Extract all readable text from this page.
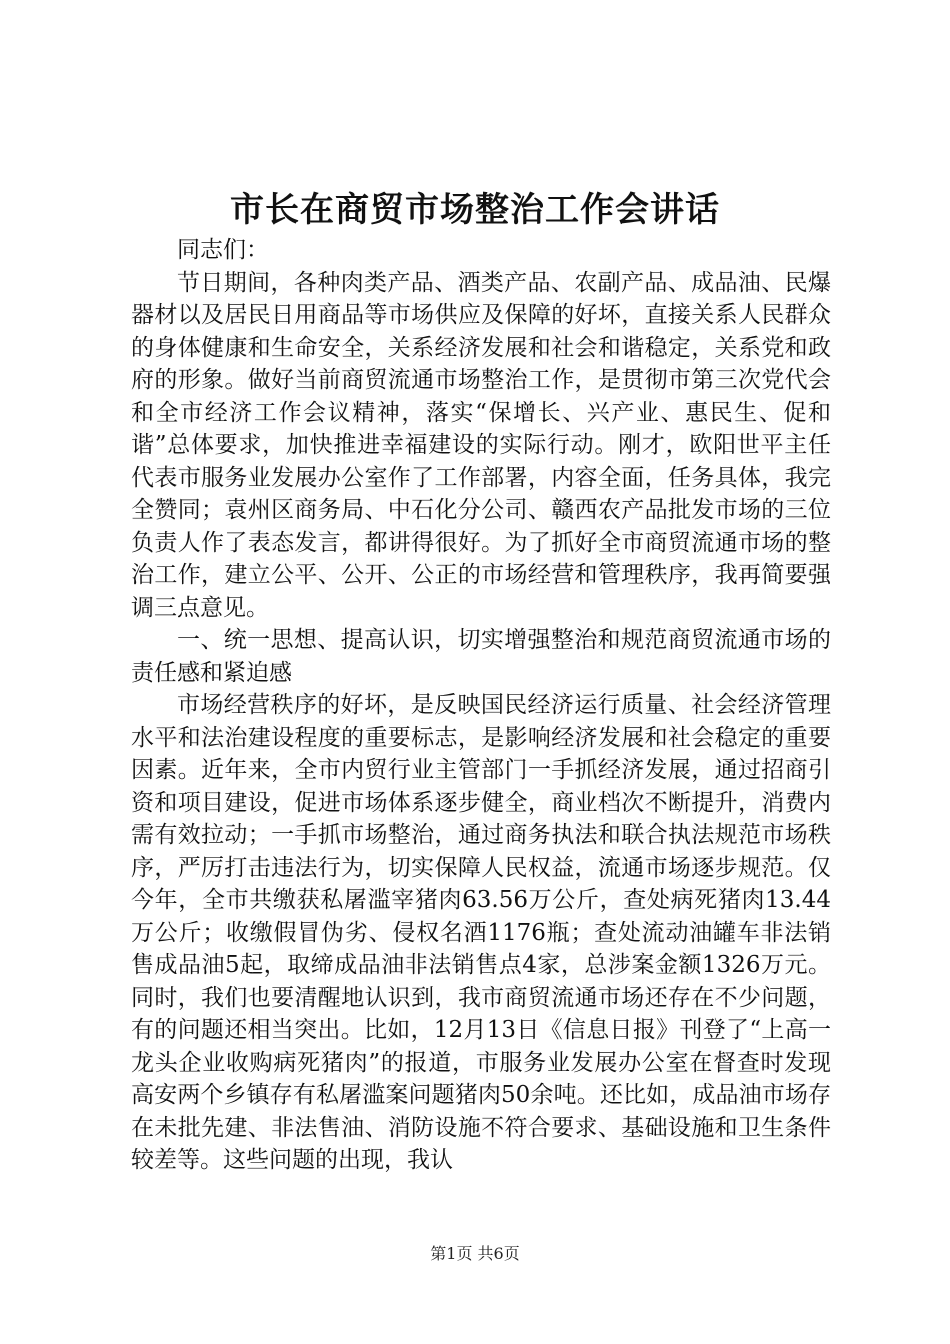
市长在商贸市场整治工作会讲话

同志们：

节日期间，各种肉类产品、酒类产品、农副产品、成品油、民爆器材以及居民日用商品等市场供应及保障的好坏，直接关系人民群众的身体健康和生命安全，关系经济发展和社会和谐稳定，关系党和政府的形象。做好当前商贸流通市场整治工作，是贯彻市第三次党代会和全市经济工作会议精神，落实“保增长、兴产业、惠民生、促和谐”总体要求，加快推进幸福建设的实际行动。刚才，欧阳世平主任代表市服务业发展办公室作了工作部署，内容全面，任务具体，我完全赞同；袁州区商务局、中石化分公司、赣西农产品批发市场的三位负责人作了表态发言，都讲得很好。为了抓好全市商贸流通市场的整治工作，建立公平、公开、公正的市场经营和管理秩序，我再简要强调三点意见。

一、统一思想、提高认识，切实增强整治和规范商贸流通市场的责任感和紧迫感

市场经营秩序的好坏，是反映国民经济运行质量、社会经济管理水平和法治建设程度的重要标志，是影响经济发展和社会稳定的重要因素。近年来，全市内贸行业主管部门一手抓经济发展，通过招商引资和项目建设，促进市场体系逐步健全，商业档次不断提升，消费内需有效拉动；一手抓市场整治，通过商务执法和联合执法规范市场秩序，严厉打击违法行为，切实保障人民权益，流通市场逐步规范。仅今年，全市共缴获私屠滥宰猪肉63.56万公斤，查处病死猪肉13.44万公斤；收缴假冒伪劣、侵权名酒1176瓶；查处流动油罐车非法销售成品油5起，取缔成品油非法销售点4家，总涉案金额1326万元。同时，我们也要清醒地认识到，我市商贸流通市场还存在不少问题，有的问题还相当突出。比如，12月13日《信息日报》刊登了“上高一龙头企业收购病死猪肉”的报道，市服务业发展办公室在督查时发现高安两个乡镇存有私屠滥案问题猪肉50余吨。还比如，成品油市场存在未批先建、非法售油、消防设施不符合要求、基础设施和卫生条件较差等。这些问题的出现，我认

第1页 共6页
